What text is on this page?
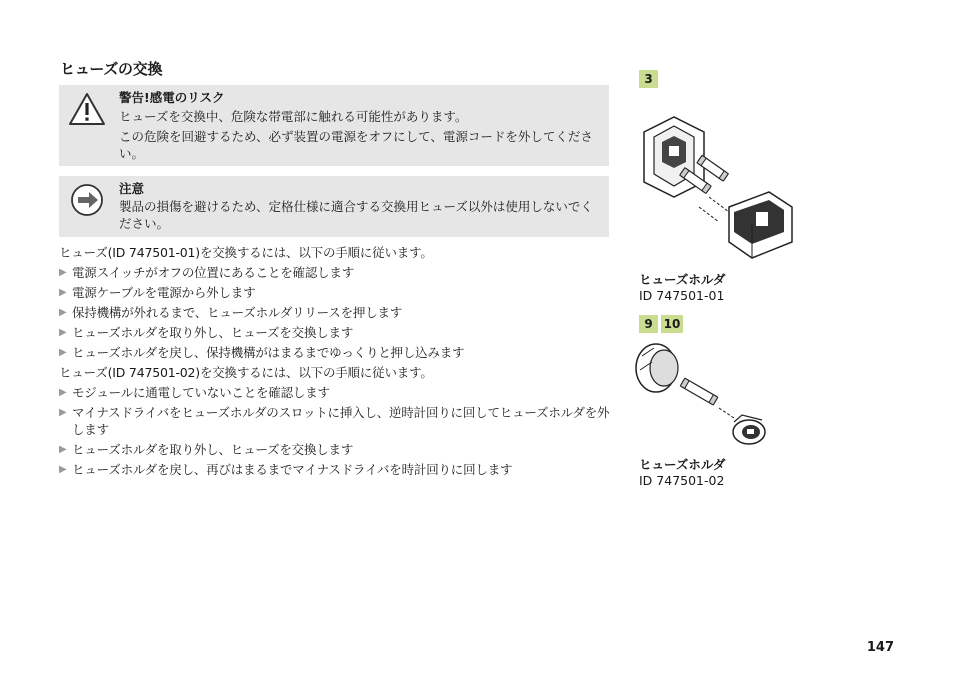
ヒューズの交換
警告!感電のリスク
ヒューズを交換中、危険な帯電部に触れる可能性があります。
この危険を回避するため、必ず装置の電源をオフにして、電源コードを外してください。
注意
製品の損傷を避けるため、定格仕様に適合する交換用ヒューズ以外は使用しないでください。
ヒューズ(ID 747501-01)を交換するには、以下の手順に従います。
▶ 電源スイッチがオフの位置にあることを確認します
▶ 電源ケーブルを電源から外します
▶ 保持機構が外れるまで、ヒューズホルダリリースを押します
▶ ヒューズホルダを取り外し、ヒューズを交換します
▶ ヒューズホルダを戻し、保持機構がはまるまでゆっくりと押し込みます
ヒューズ(ID 747501-02)を交換するには、以下の手順に従います。
▶ モジュールに通電していないことを確認します
▶ マイナスドライバをヒューズホルダのスロットに挿入し、逆時計回りに回してヒューズホルダを外します
▶ ヒューズホルダを取り外し、ヒューズを交換します
▶ ヒューズホルダを戻し、再びはまるまでマイナスドライバを時計回りに回します
3
ヒューズホルダ
ID 747501-01
9 10
ヒューズホルダ
ID 747501-02
147
